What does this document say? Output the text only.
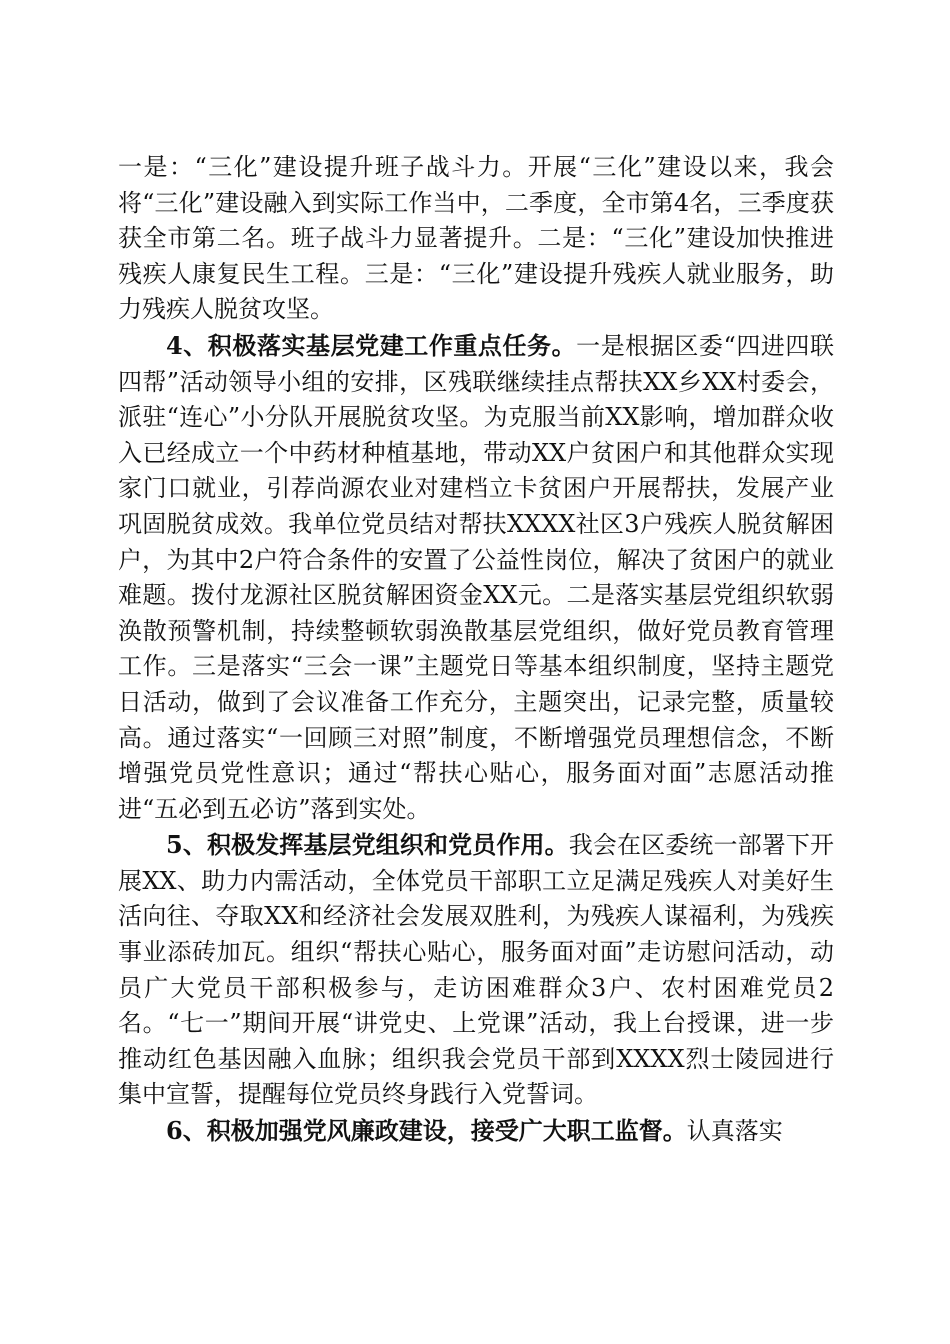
一是：“三化”建设提升班子战斗力。开展“三化”建设以来，我会将“三化”建设融入到实际工作当中，二季度，全市第4名，三季度获获全市第二名。班子战斗力显著提升。二是：“三化”建设加快推进残疾人康复民生工程。三是：“三化”建设提升残疾人就业服务，助力残疾人脱贫攻坚。

4、积极落实基层党建工作重点任务。一是根据区委“四进四联四帮”活动领导小组的安排，区残联继续挂点帮扶XX乡XX村委会，派驻“连心”小分队开展脱贫攻坚。为克服当前XX影响，增加群众收入已经成立一个中药材种植基地，带动XX户贫困户和其他群众实现家门口就业，引荐尚源农业对建档立卡贫困户开展帮扶，发展产业巩固脱贫成效。我单位党员结对帮扶XXXX社区3户残疾人脱贫解困户，为其中2户符合条件的安置了公益性岗位，解决了贫困户的就业难题。拨付龙源社区脱贫解困资金XX元。二是落实基层党组织软弱涣散预警机制，持续整顿软弱涣散基层党组织，做好党员教育管理工作。三是落实“三会一课”主题党日等基本组织制度，坚持主题党日活动，做到了会议准备工作充分，主题突出，记录完整，质量较高。通过落实“一回顾三对照”制度，不断增强党员理想信念，不断增强党员党性意识；通过“帮扶心贴心，服务面对面”志愿活动推进“五必到五必访”落到实处。

5、积极发挥基层党组织和党员作用。我会在区委统一部署下开展XX、助力内需活动，全体党员干部职工立足满足残疾人对美好生活向往、夺取XX和经济社会发展双胜利，为残疾人谋福利，为残疾事业添砖加瓦。组织“帮扶心贴心，服务面对面”走访慰问活动，动员广大党员干部积极参与，走访困难群众3户、农村困难党员2名。“七一”期间开展“讲党史、上党课”活动，我上台授课，进一步推动红色基因融入血脉；组织我会党员干部到XXXX烈士陵园进行集中宣誓，提醒每位党员终身践行入党誓词。

6、积极加强党风廉政建设，接受广大职工监督。认真落实
